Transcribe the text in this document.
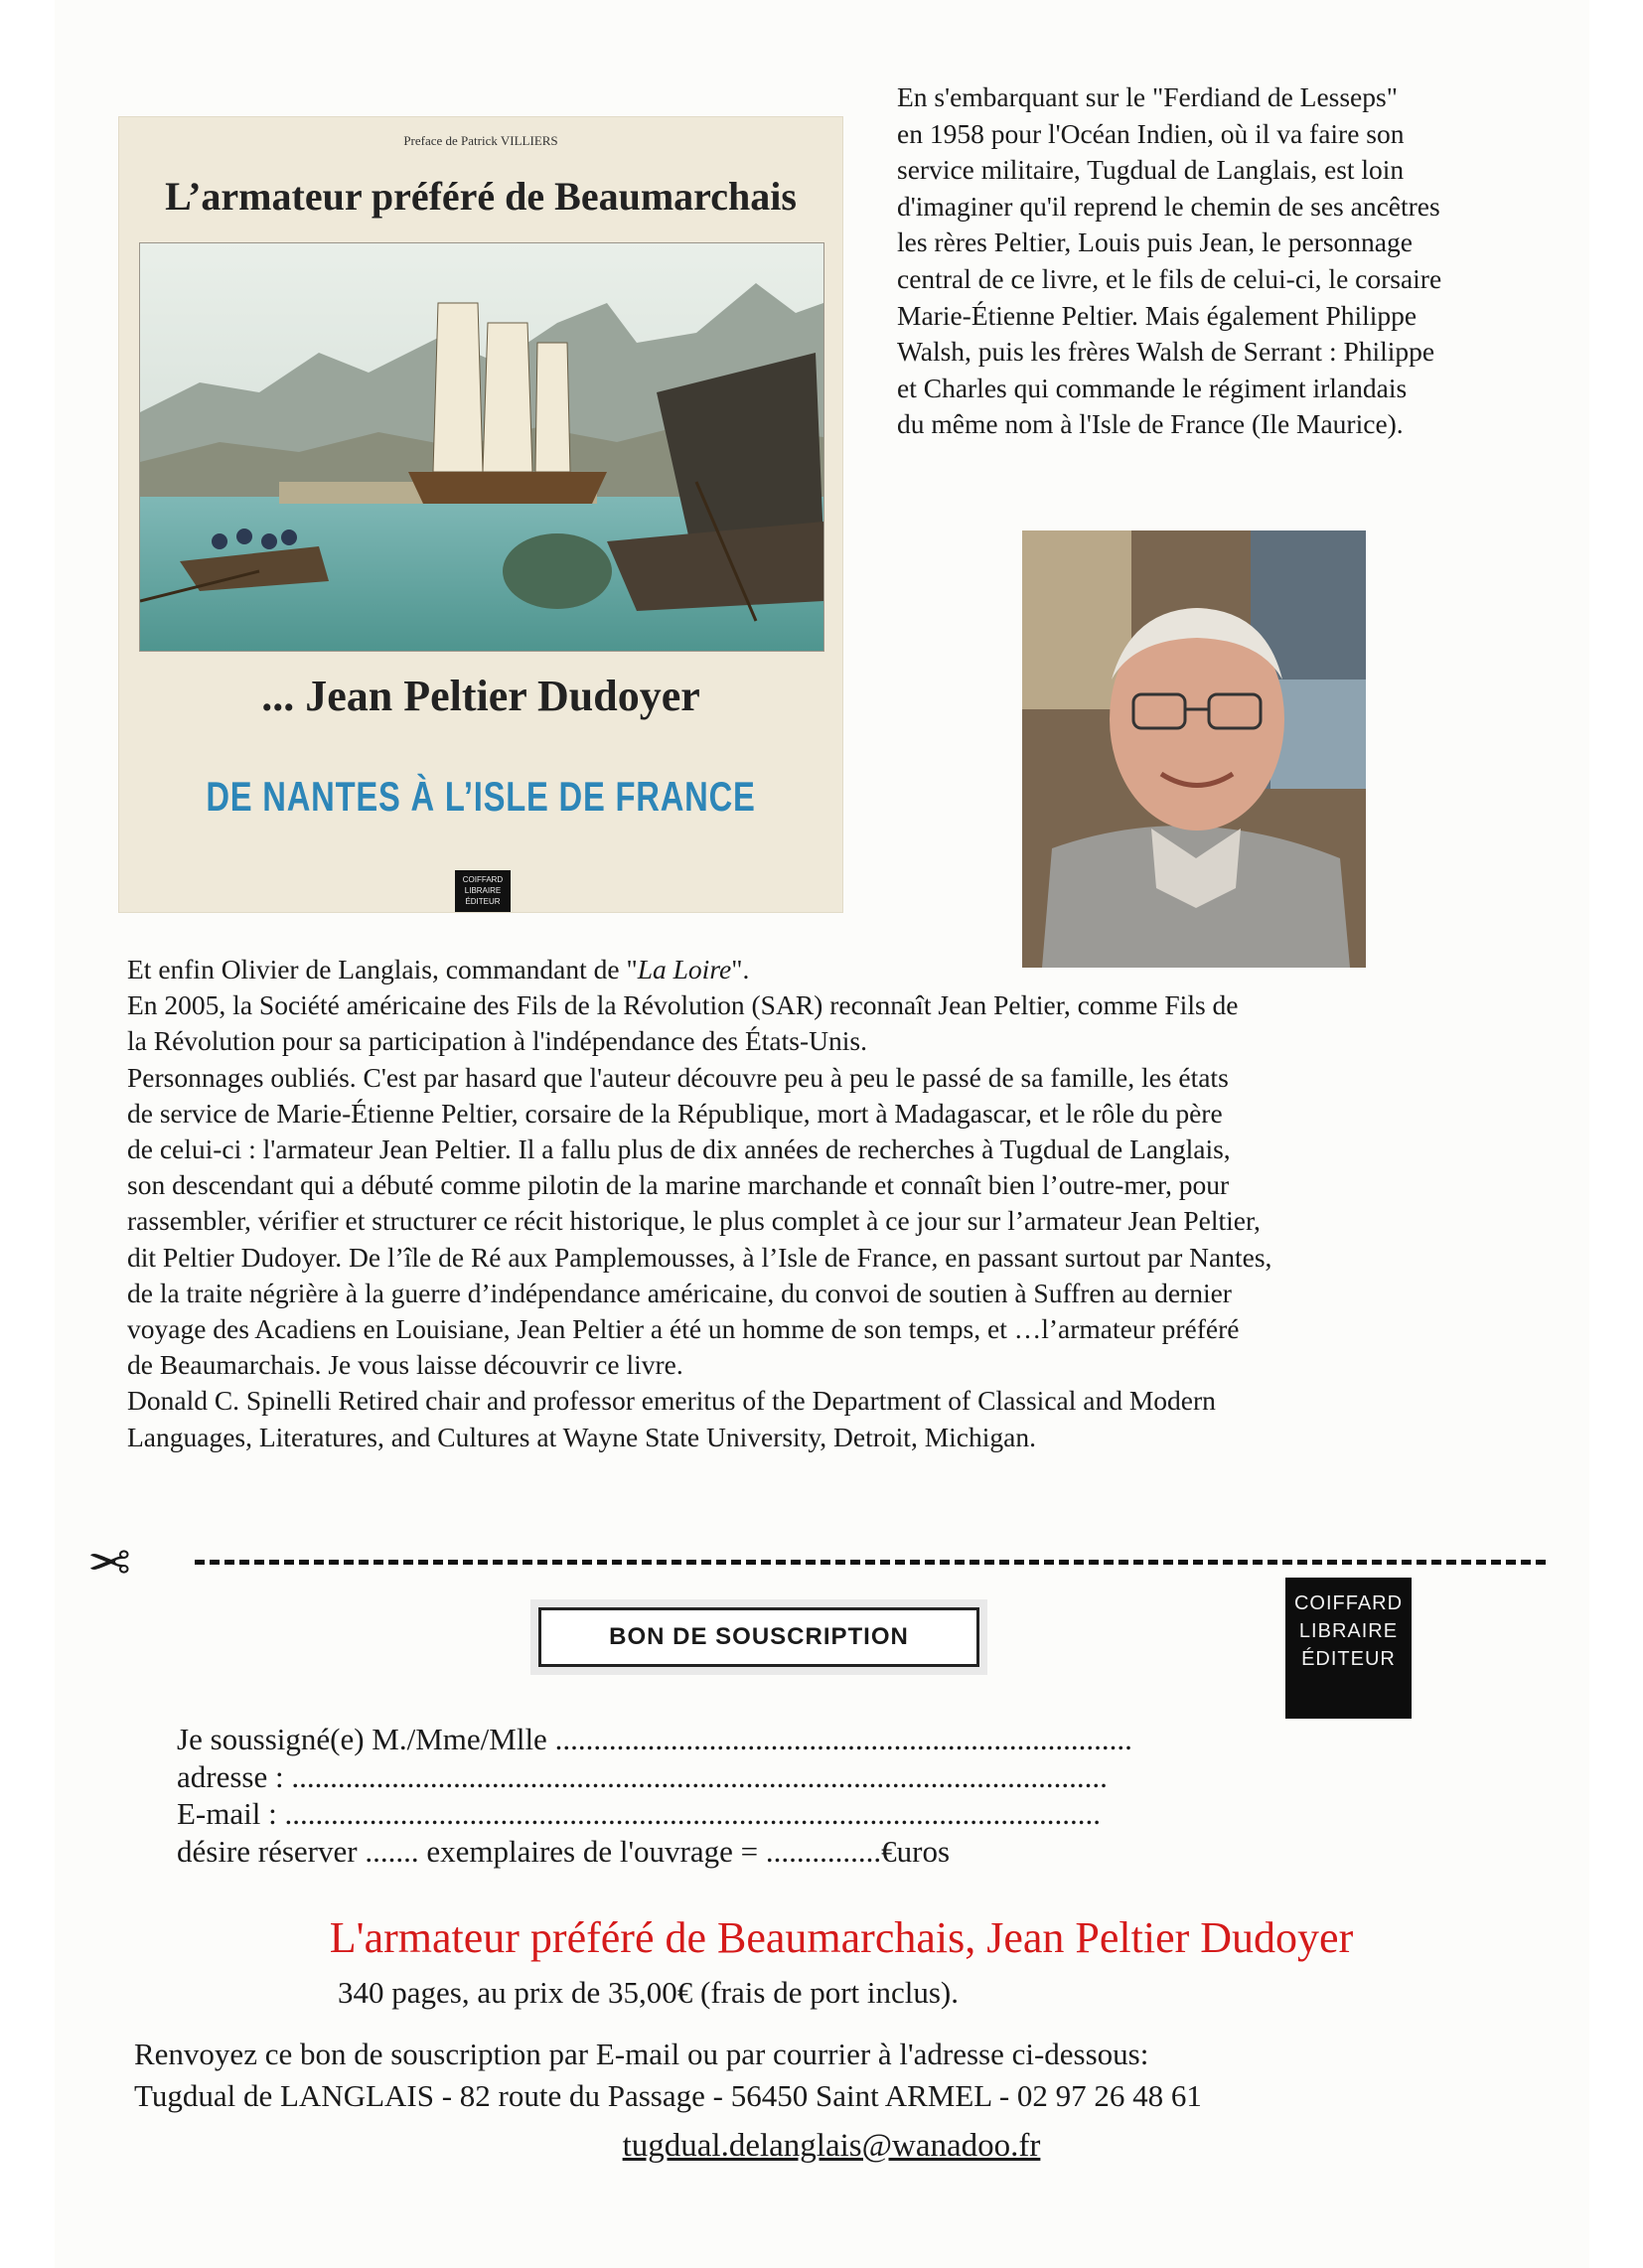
Preface de Patrick VILLIERS
L’armateur préféré de Beaumarchais
... Jean Peltier Dudoyer
DE NANTES À L’ISLE DE FRANCE
COIFFARD
LIBRAIRE
ÉDITEUR
En s'embarquant sur le "Ferdiand de Lesseps"
en 1958 pour l'Océan Indien, où il va faire son
service militaire, Tugdual de Langlais, est loin
d'imaginer qu'il reprend le chemin de ses ancêtres
les rères Peltier, Louis puis Jean, le personnage
central de ce livre, et le fils de celui-ci, le corsaire
Marie-Étienne Peltier. Mais également Philippe
Walsh, puis les frères Walsh de Serrant : Philippe
et Charles qui commande le régiment irlandais
du même nom à l'Isle de France (Ile Maurice).
Et enfin Olivier de Langlais, commandant de "La Loire".
En 2005, la Société américaine des Fils de la Révolution (SAR) reconnaît Jean Peltier, comme Fils de
la Révolution pour sa participation à l'indépendance des États-Unis.
Personnages oubliés. C'est par hasard que l'auteur découvre peu à peu le passé de sa famille, les états
de service de Marie-Étienne Peltier, corsaire de la République, mort à Madagascar, et le rôle du père
de celui-ci : l'armateur Jean Peltier. Il a fallu plus de dix années de recherches à Tugdual de Langlais,
son descendant qui a débuté comme pilotin de la marine marchande et connaît bien l’outre-mer, pour
rassembler, vérifier et structurer ce récit historique, le plus complet à ce jour sur l’armateur Jean Peltier,
dit Peltier Dudoyer. De l’île de Ré aux Pamplemousses, à l’Isle de France, en passant surtout par Nantes,
de la traite négrière à la guerre d’indépendance américaine, du convoi de soutien à Suffren au dernier
voyage des Acadiens en Louisiane, Jean Peltier a été un homme de son temps, et …l’armateur préféré
de Beaumarchais. Je vous laisse découvrir ce livre.
Donald C. Spinelli Retired chair and professor emeritus of the Department of Classical and Modern
Languages, Literatures, and Cultures at Wayne State University, Detroit, Michigan.
✂
BON DE SOUSCRIPTION
COIFFARD
LIBRAIRE
ÉDITEUR
Je soussigné(e) M./Mme/Mlle ...........................................................................
adresse : ..........................................................................................................
E-mail : ..........................................................................................................
désire réserver ....... exemplaires de l'ouvrage = ...............€uros
L'armateur préféré de Beaumarchais, Jean Peltier Dudoyer
340 pages, au prix de 35,00€ (frais de port inclus).
Renvoyez ce bon de souscription par E-mail ou par courrier à l'adresse ci-dessous:
Tugdual de LANGLAIS - 82 route du Passage - 56450 Saint ARMEL - 02 97 26 48 61
tugdual.delanglais@wanadoo.fr
